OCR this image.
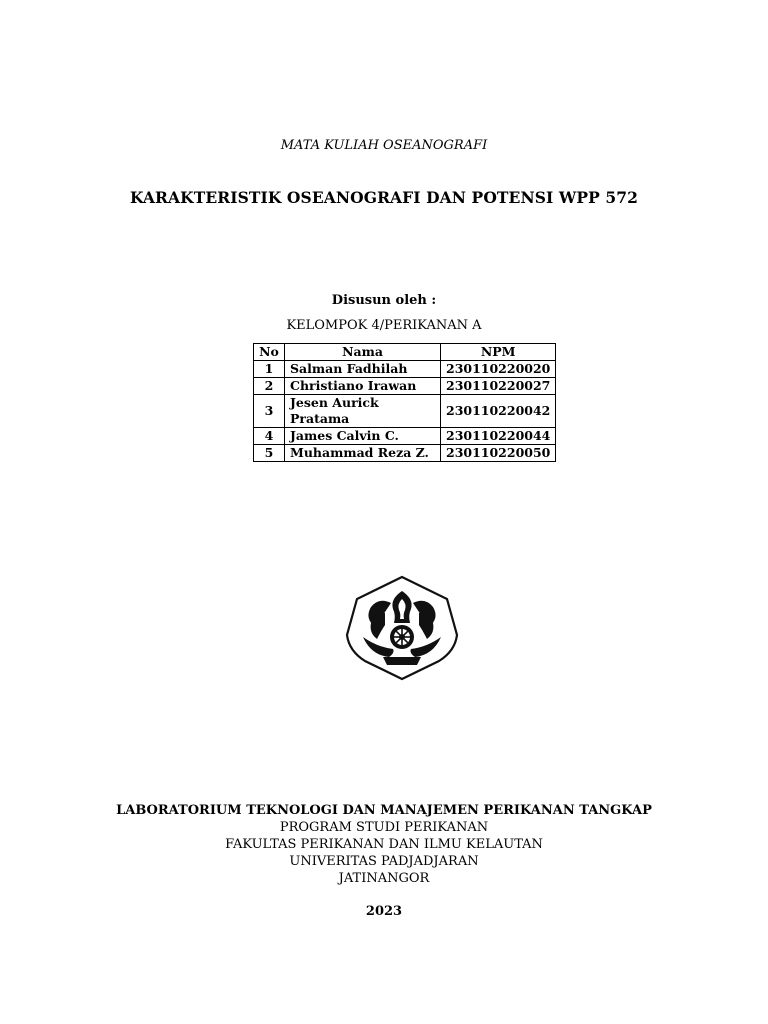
MATA KULIAH OSEANOGRAFI
KARAKTERISTIK OSEANOGRAFI DAN POTENSI WPP 572
Disusun oleh :
KELOMPOK 4/PERIKANAN A
No	Nama	NPM
1	Salman Fadhilah	230110220020
2	Christiano Irawan	230110220027
3	Jesen Aurick Pratama	230110220042
4	James Calvin C.	230110220044
5	Muhammad Reza Z.	230110220050
LABORATORIUM TEKNOLOGI DAN MANAJEMEN PERIKANAN TANGKAP
PROGRAM STUDI PERIKANAN
FAKULTAS PERIKANAN DAN ILMU KELAUTAN
UNIVERITAS PADJADJARAN
JATINANGOR
2023
